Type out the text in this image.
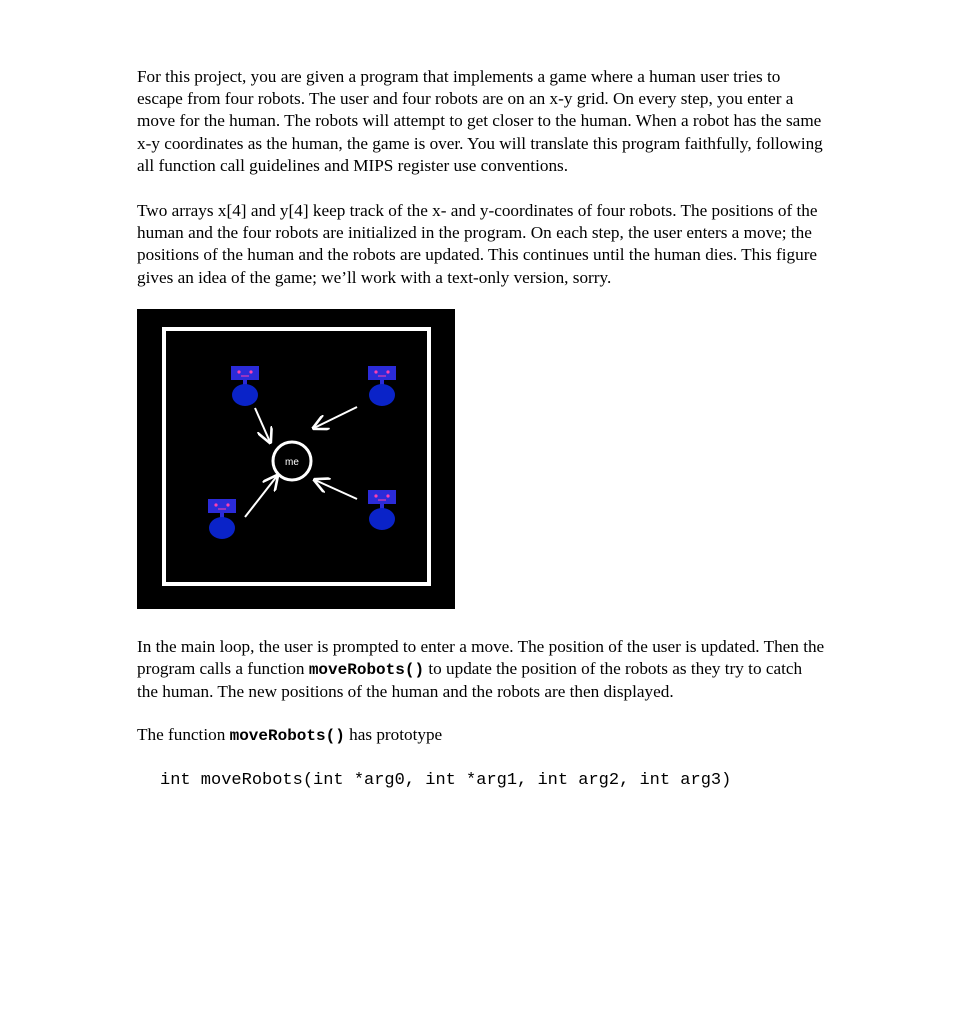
For this project, you are given a program that implements a game where a human user tries to escape from four robots. The user and four robots are on an x-y grid. On every step, you enter a move for the human. The robots will attempt to get closer to the human. When a robot has the same x-y coordinates as the human, the game is over. You will translate this program faithfully, following all function call guidelines and MIPS register use conventions.

Two arrays x[4] and y[4] keep track of the x- and y-coordinates of four robots. The positions of the human and the four robots are initialized in the program. On each step, the user enters a move; the positions of the human and the robots are updated. This continues until the human dies. This figure gives an idea of the game; we’ll work with a text-only version, sorry.

me

In the main loop, the user is prompted to enter a move. The position of the user is updated. Then the program calls a function moveRobots() to update the position of the robots as they try to catch the human. The new positions of the human and the robots are then displayed.

The function moveRobots() has prototype

int moveRobots(int *arg0, int *arg1, int arg2, int arg3)
